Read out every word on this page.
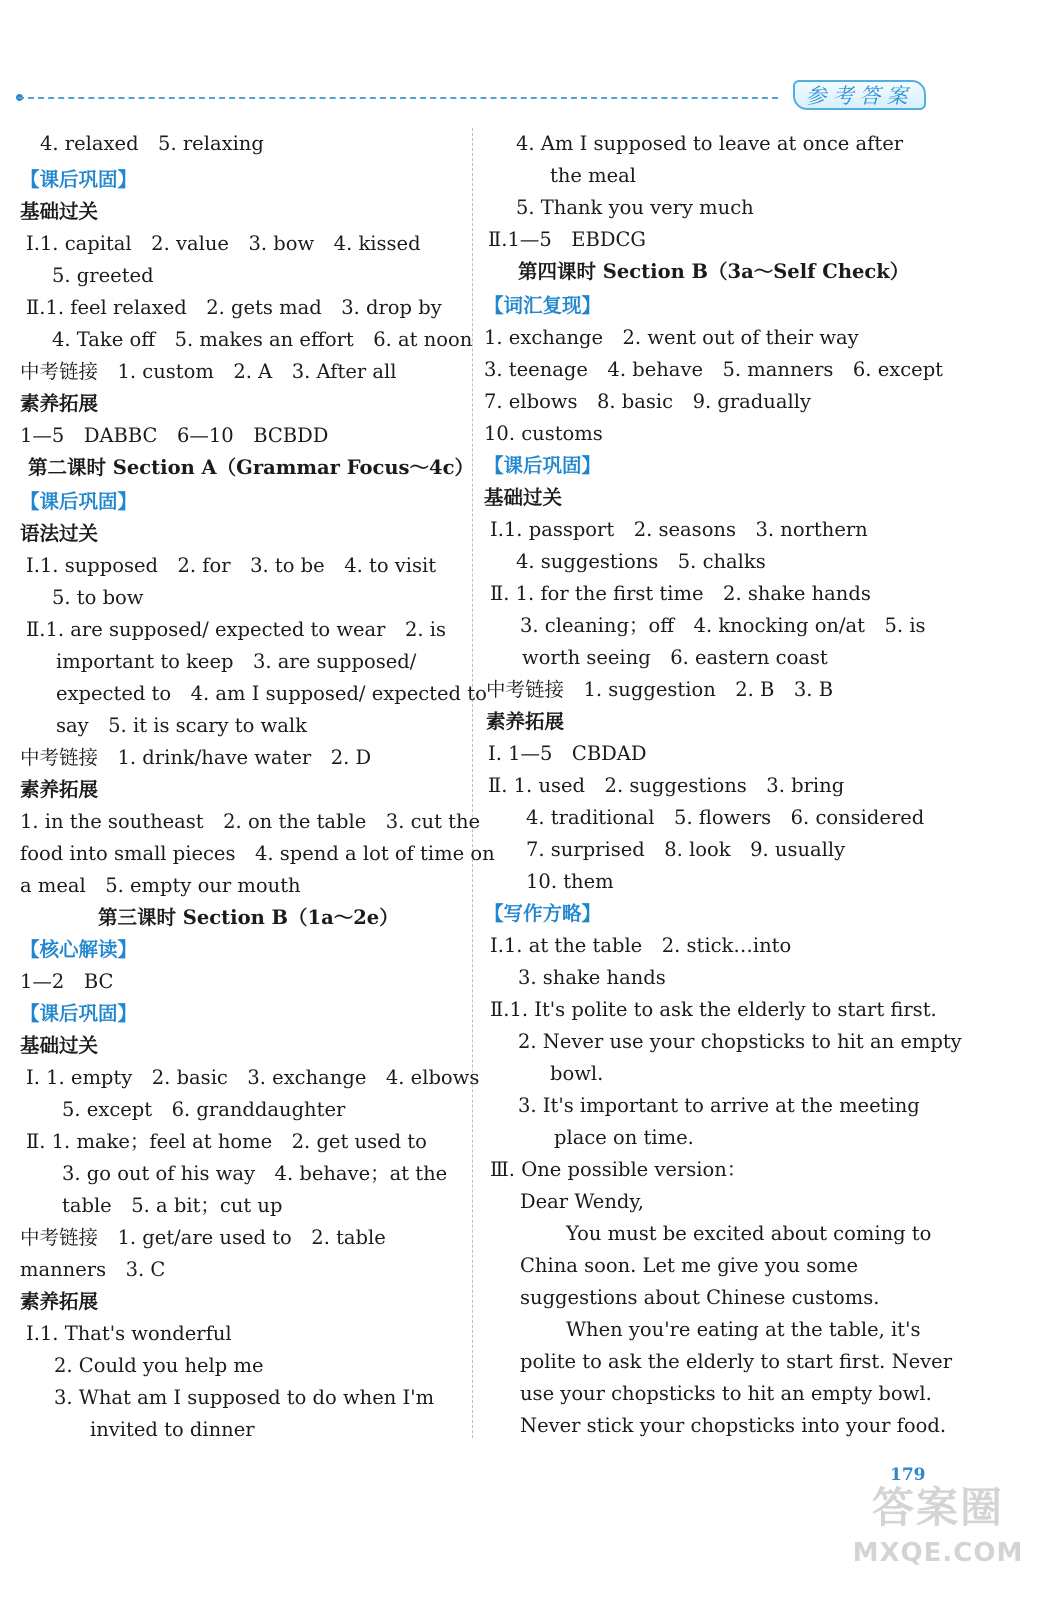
参考答案
4. relaxed　5. relaxing
【课后巩固】
基础过关
Ⅰ.1. capital　2. value　3. bow　4. kissed
5. greeted
Ⅱ.1. feel relaxed　2. gets mad　3. drop by
4. Take off　5. makes an effort　6. at noon
中考链接　1. custom　2. A　3. After all
素养拓展
1—5　DABBC　6—10　BCBDD
第二课时 Section A（Grammar Focus～4c）
【课后巩固】
语法过关
Ⅰ.1. supposed　2. for　3. to be　4. to visit
5. to bow
Ⅱ.1. are supposed/ expected to wear　2. is
important to keep　3. are supposed/
expected to　4. am I supposed/ expected to
say　5. it is scary to walk
中考链接　1. drink/have water　2. D
素养拓展
1. in the southeast　2. on the table　3. cut the
food into small pieces　4. spend a lot of time on
a meal　5. empty our mouth
第三课时 Section B（1a～2e）
【核心解读】
1—2　BC
【课后巩固】
基础过关
Ⅰ. 1. empty　2. basic　3. exchange　4. elbows
5. except　6. granddaughter
Ⅱ. 1. make；feel at home　2. get used to
3. go out of his way　4. behave；at the
table　5. a bit；cut up
中考链接　1. get/are used to　2. table
manners　3. C
素养拓展
Ⅰ.1. That's wonderful
2. Could you help me
3. What am I supposed to do when I'm
invited to dinner
4. Am I supposed to leave at once after
the meal
5. Thank you very much
Ⅱ.1—5　EBDCG
第四课时 Section B（3a～Self Check）
【词汇复现】
1. exchange　2. went out of their way
3. teenage　4. behave　5. manners　6. except
7. elbows　8. basic　9. gradually
10. customs
【课后巩固】
基础过关
Ⅰ.1. passport　2. seasons　3. northern
4. suggestions　5. chalks
Ⅱ. 1. for the first time　2. shake hands
3. cleaning；off　4. knocking on/at　5. is
worth seeing　6. eastern coast
中考链接　1. suggestion　2. B　3. B
素养拓展
Ⅰ. 1—5　CBDAD
Ⅱ. 1. used　2. suggestions　3. bring
4. traditional　5. flowers　6. considered
7. surprised　8. look　9. usually
10. them
【写作方略】
Ⅰ.1. at the table　2. stick…into
3. shake hands
Ⅱ.1. It's polite to ask the elderly to start first.
2. Never use your chopsticks to hit an empty
bowl.
3. It's important to arrive at the meeting
place on time.
Ⅲ. One possible version：
Dear Wendy,
You must be excited about coming to
China soon. Let me give you some
suggestions about Chinese customs.
When you're eating at the table, it's
polite to ask the elderly to start first. Never
use your chopsticks to hit an empty bowl.
Never stick your chopsticks into your food.
179
答案圈
MXQE.COM
